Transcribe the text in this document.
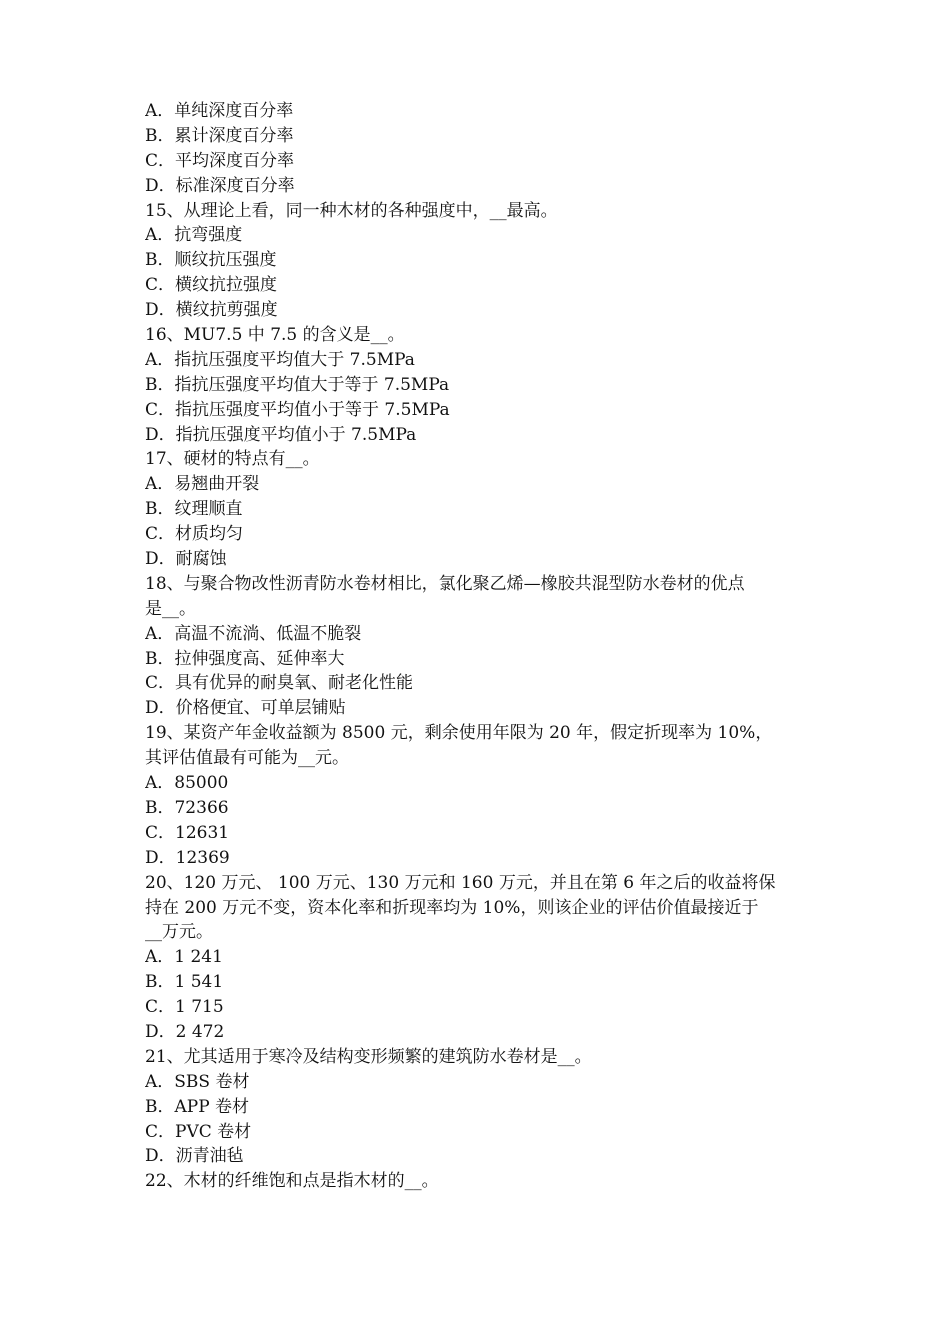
A．单纯深度百分率
B．累计深度百分率
C．平均深度百分率
D．标准深度百分率
15、从理论上看，同一种木材的各种强度中，__最高。
A．抗弯强度
B．顺纹抗压强度
C．横纹抗拉强度
D．横纹抗剪强度
16、MU7.5 中 7.5 的含义是__。
A．指抗压强度平均值大于 7.5MPa
B．指抗压强度平均值大于等于 7.5MPa
C．指抗压强度平均值小于等于 7.5MPa
D．指抗压强度平均值小于 7.5MPa
17、硬材的特点有__。
A．易翘曲开裂
B．纹理顺直
C．材质均匀
D．耐腐蚀
18、与聚合物改性沥青防水卷材相比，氯化聚乙烯—橡胶共混型防水卷材的优点
是__。
A．高温不流淌、低温不脆裂
B．拉伸强度高、延伸率大
C．具有优异的耐臭氧、耐老化性能
D．价格便宜、可单层铺贴
19、某资产年金收益额为 8500 元，剩余使用年限为 20 年，假定折现率为 10%，
其评估值最有可能为__元。
A．85000
B．72366
C．12631
D．12369
20、120 万元、 100 万元、130 万元和 160 万元，并且在第 6 年之后的收益将保
持在 200 万元不变，资本化率和折现率均为 10%，则该企业的评估价值最接近于
__万元。
A．1 241
B．1 541
C．1 715
D．2 472
21、尤其适用于寒冷及结构变形频繁的建筑防水卷材是__。
A．SBS 卷材
B．APP 卷材
C．PVC 卷材
D．沥青油毡
22、木材的纤维饱和点是指木材的__。
